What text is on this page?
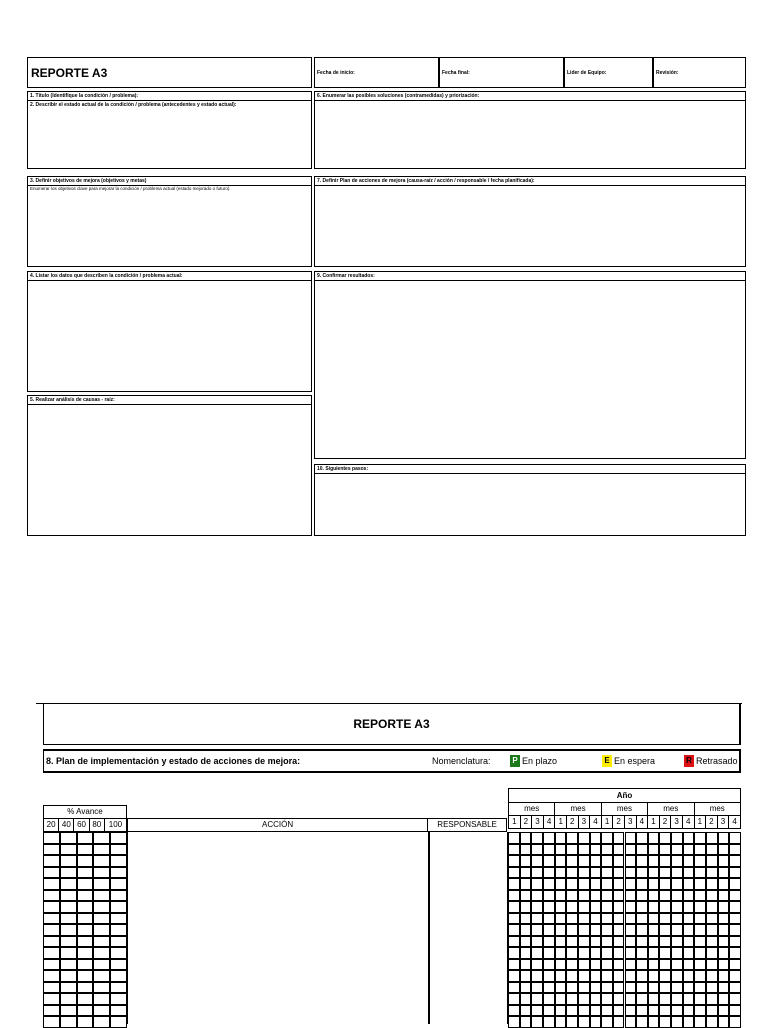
REPORTE A3	Fecha de inicio:	Fecha final:	Lider de Equipo:	Revisión:
1. Título (Identifique la condición / problema):
2. Describir el estado actual de la condición / problema (antecedentes y estado actual):
3. Definir objetivos de mejora (objetivos y metas)
Enumerar los objetivos clave para mejorar la condición / problema actual (estado mejorado o futuro).
4. Listar los datos que describen la condición / problema actual:
5. Realizar análisis de causas - raíz:
6. Enumerar las posibles soluciones (contramedidas) y priorización:
7. Definir Plan de acciones de mejora (causa-raíz / acción / responsable / fecha planificada):
9. Confirmar resultados:
10. Siguientes pasos:
REPORTE A3
8. Plan de implementación y estado de acciones de mejora:	Nomenclatura:	P En plazo	E En espera	R Retrasado
% Avance
20	40	60	80	100	ACCIÓN	RESPONSABLE
Año																			
mes				mes				mes				mes				mes			
1	2	3	4	1	2	3	4	1	2	3	4	1	2	3	4	1	2	3	4
